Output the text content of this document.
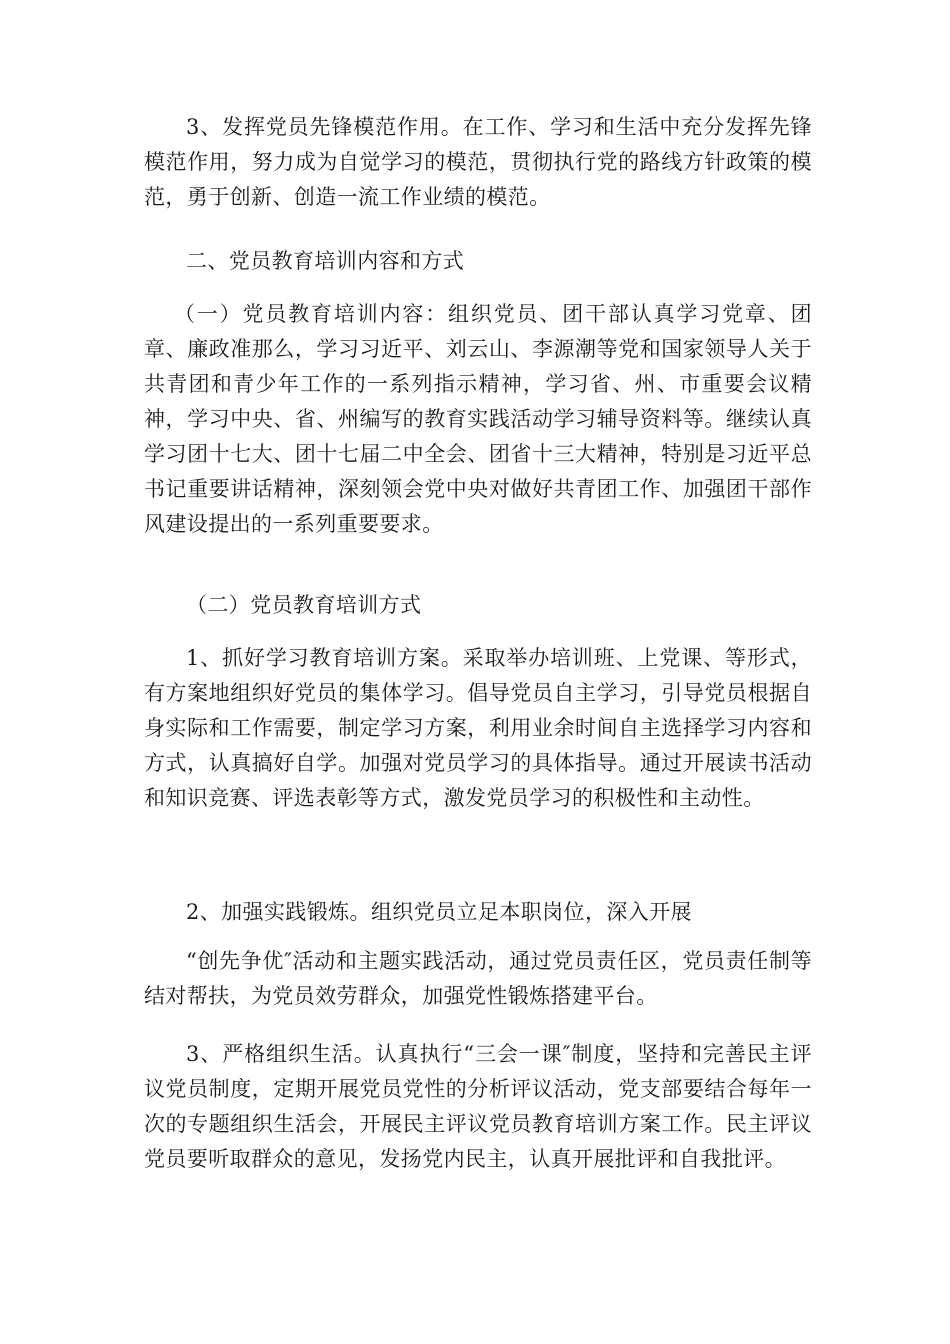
3、发挥党员先锋模范作用。在工作、学习和生活中充分发挥先锋模范作用，努力成为自觉学习的模范，贯彻执行党的路线方针政策的模范，勇于创新、创造一流工作业绩的模范。

二、党员教育培训内容和方式

（一）党员教育培训内容：组织党员、团干部认真学习党章、团章、廉政准那么，学习习近平、刘云山、李源潮等党和国家领导人关于共青团和青少年工作的一系列指示精神，学习省、州、市重要会议精神，学习中央、省、州编写的教育实践活动学习辅导资料等。继续认真学习团十七大、团十七届二中全会、团省十三大精神，特别是习近平总书记重要讲话精神，深刻领会党中央对做好共青团工作、加强团干部作风建设提出的一系列重要要求。

（二）党员教育培训方式

1、抓好学习教育培训方案。采取举办培训班、上党课、等形式，有方案地组织好党员的集体学习。倡导党员自主学习，引导党员根据自身实际和工作需要，制定学习方案，利用业余时间自主选择学习内容和方式，认真搞好自学。加强对党员学习的具体指导。通过开展读书活动和知识竞赛、评选表彰等方式，激发党员学习的积极性和主动性。

2、加强实践锻炼。组织党员立足本职岗位，深入开展

“创先争优″活动和主题实践活动，通过党员责任区，党员责任制等结对帮扶，为党员效劳群众，加强党性锻炼搭建平台。

3、严格组织生活。认真执行“三会一课″制度，坚持和完善民主评议党员制度，定期开展党员党性的分析评议活动，党支部要结合每年一次的专题组织生活会，开展民主评议党员教育培训方案工作。民主评议党员要听取群众的意见，发扬党内民主，认真开展批评和自我批评。
